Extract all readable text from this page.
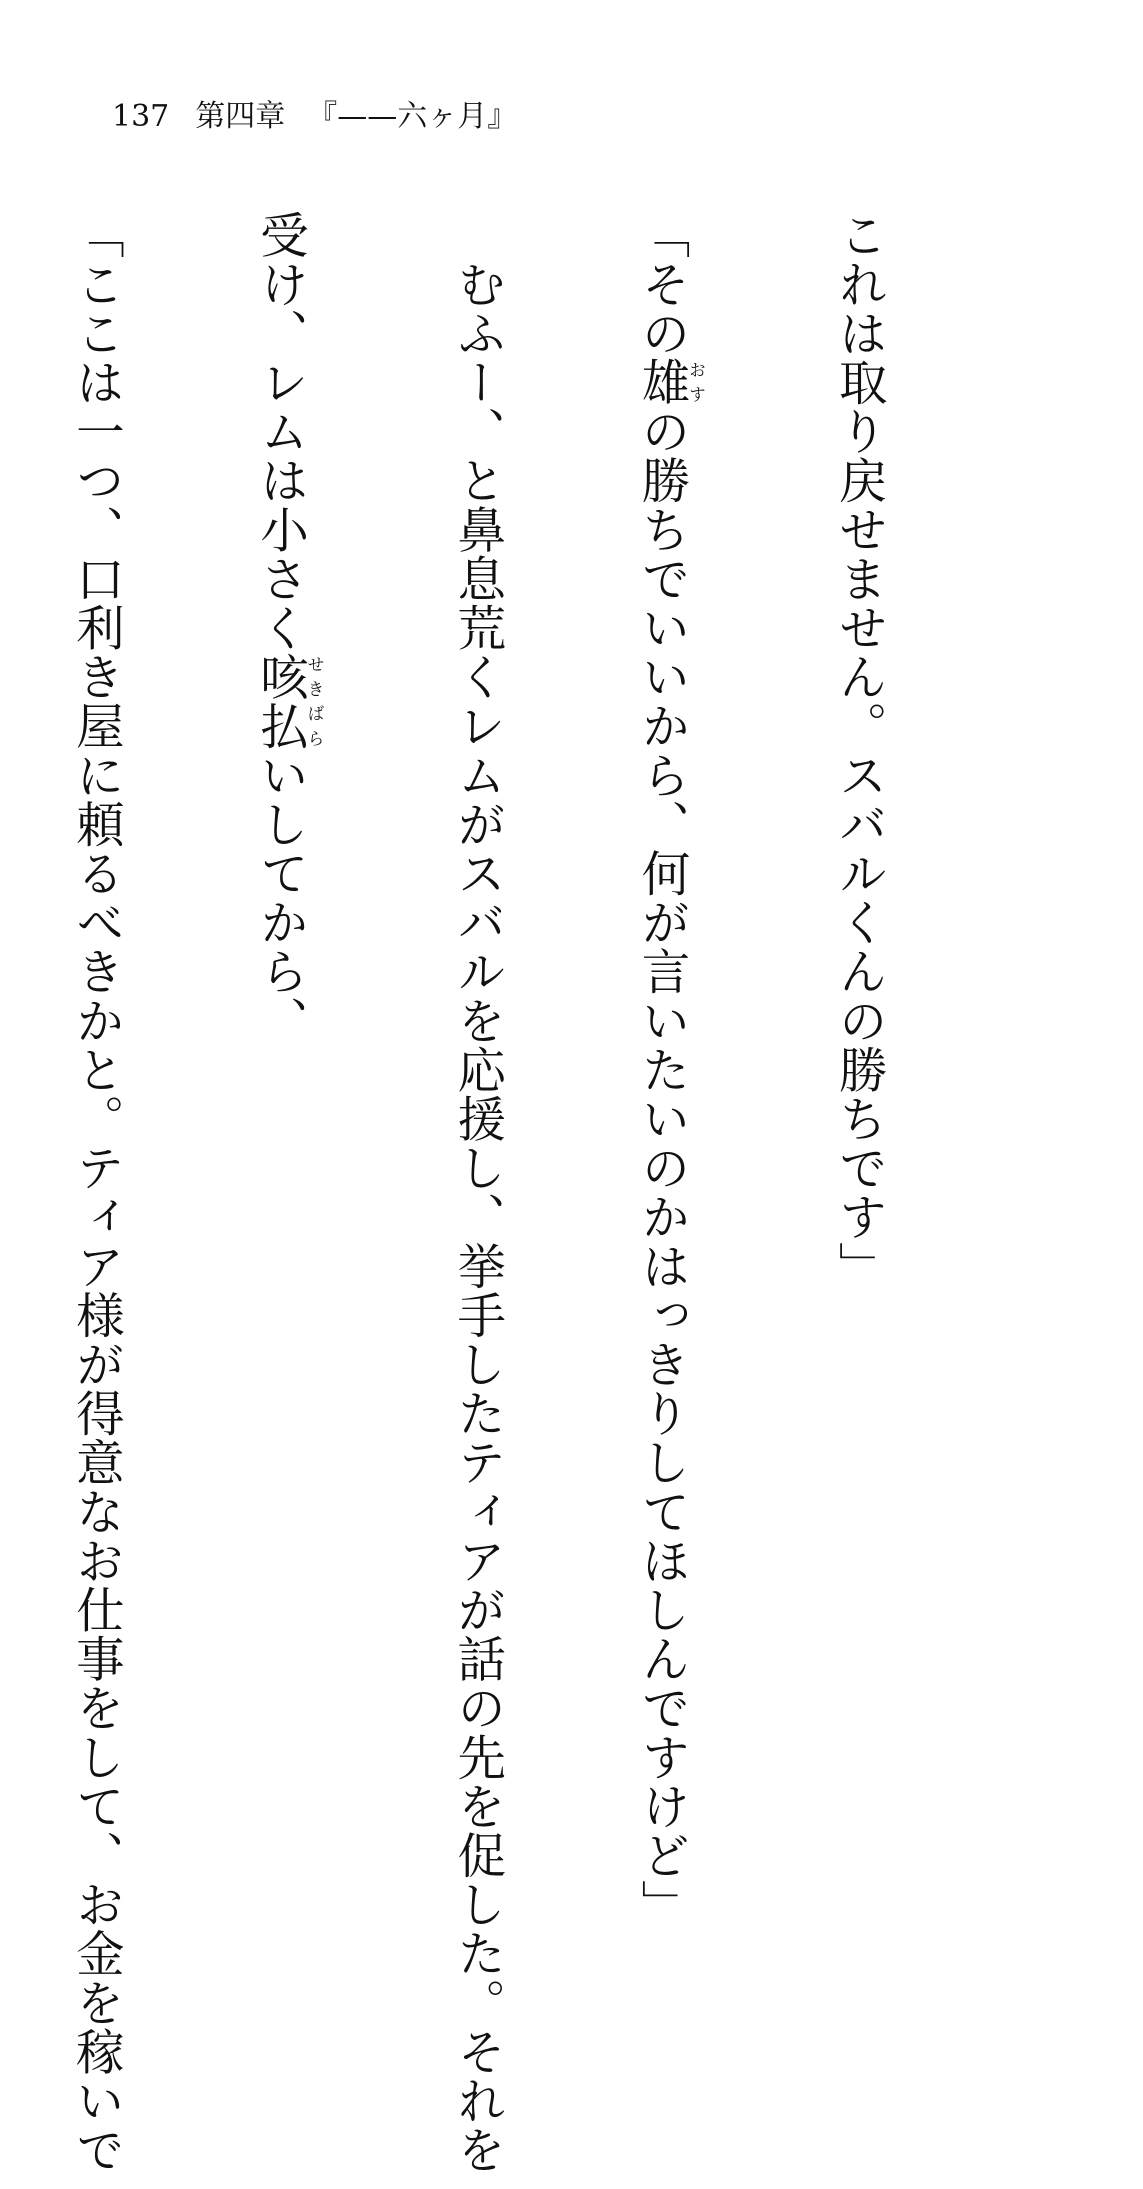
137 第四章 『——六ヶ月』

これは取り戻せません。スバルくんの勝ちです」

「その雄おすの勝ちでいいから、何が言いたいのかはっきりしてほしんですけど」

　むふー、と鼻息荒くレムがスバルを応援し、挙手したティアが話の先を促した。それを

受け、レムは小さく咳払せきばらいしてから、

「ここは一つ、口利き屋に頼るべきかと。ティア様が得意なお仕事をして、お金を稼いで
